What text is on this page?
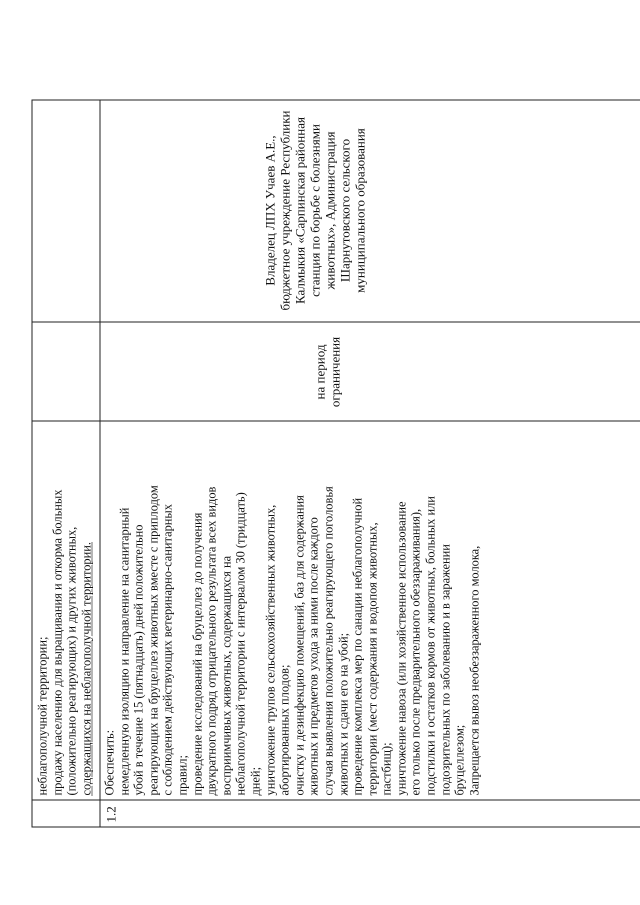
неблагополучной территории; продажу населению для выращивания и откорма больных (положительно реагирующих) и других животных, содержащихся на неблагополучной территории.
1.2
Обеспечить: немедленную изоляцию и направление на санитарный убой в течение 15 (пятнадцать) дней положительно реагирующих на бруцеллез животных вместе с приплодом с соблюдением действующих ветеринарно-санитарных правил; проведение исследований на бруцеллез до получения двукратного подряд отрицательного результата всех видов восприимчивых животных, содержащихся на неблагополучной территории с интервалом 30 (тридцать) дней; уничтожение трупов сельскохозяйственных животных, абортированных плодов; очистку и дезинфекцию помещений, баз для содержания животных и предметов ухода за ними после каждого случая выявления положительно реагирующего поголовья животных и сдачи его на убой; проведение комплекса мер по санации неблагополучной территории (мест содержания и водопоя животных, пастбищ); уничтожение навоза (или хозяйственное использование его только после предварительного обеззараживания), подстилки и остатков кормов от животных, больных или подозрительных по заболеванию и в заражении бруцеллезом; Запрещается вывоз необеззараженного молока,
на период ограничения
Владелец ЛПХ Учаев А.Е., бюджетное учреждение Республики Калмыкия «Сарпинская районная станция по борьбе с болезнями животных», Администрация Шарнутовского сельского муниципального образования
